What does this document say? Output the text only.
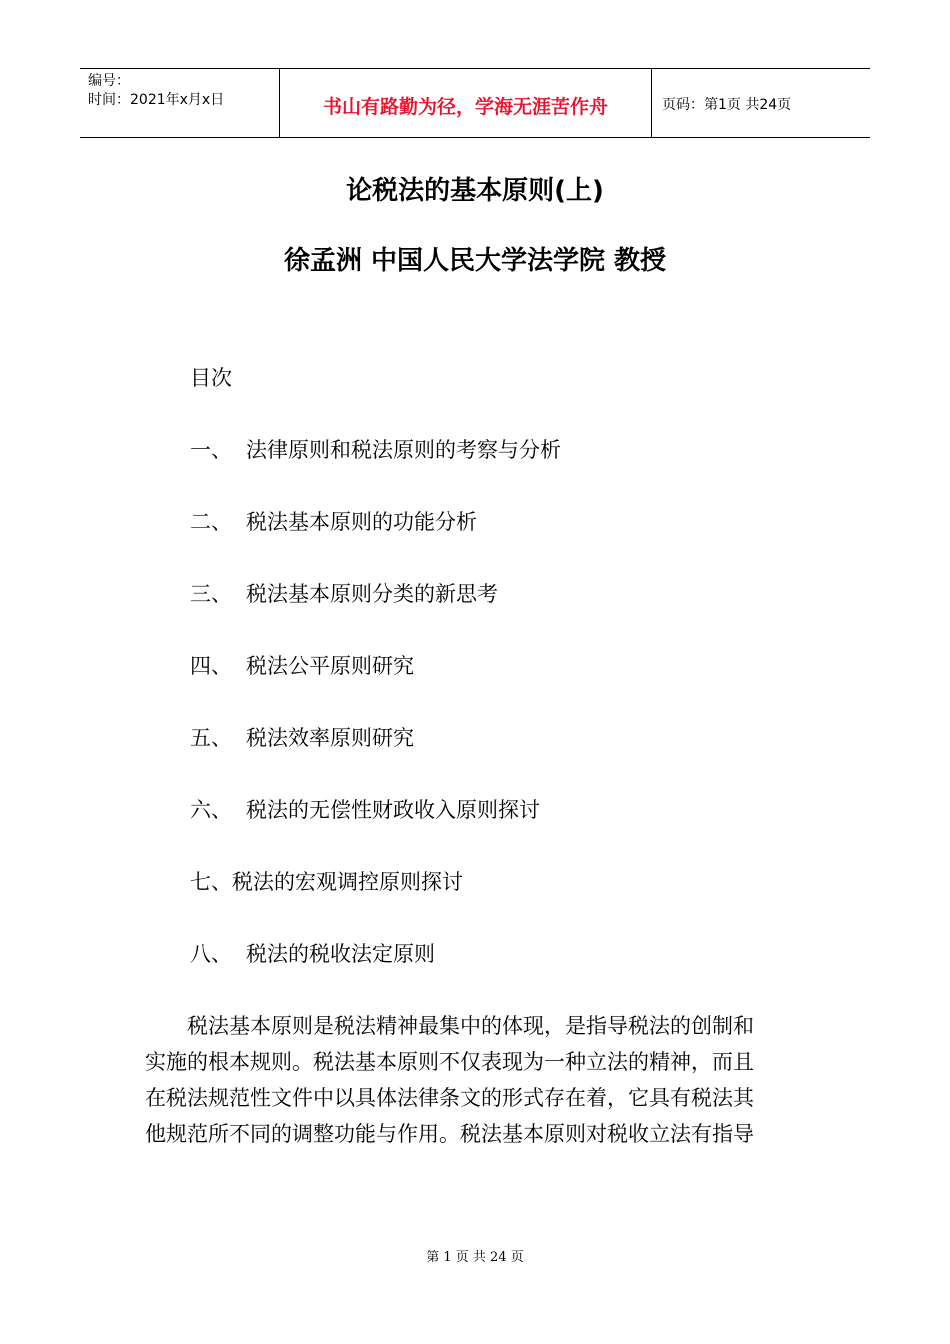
编号：
时间：2021年x月x日	书山有路勤为径，学海无涯苦作舟	页码：第1页 共24页
论税法的基本原则(上)
徐孟洲 中国人民大学法学院 教授
目次
一、 法律原则和税法原则的考察与分析
二、 税法基本原则的功能分析
三、 税法基本原则分类的新思考
四、 税法公平原则研究
五、 税法效率原则研究
六、 税法的无偿性财政收入原则探讨
七、税法的宏观调控原则探讨
八、 税法的税收法定原则
　　税法基本原则是税法精神最集中的体现，是指导税法的创制和
实施的根本规则。税法基本原则不仅表现为一种立法的精神，而且
在税法规范性文件中以具体法律条文的形式存在着，它具有税法其
他规范所不同的调整功能与作用。税法基本原则对税收立法有指导
第 1 页 共 24 页
